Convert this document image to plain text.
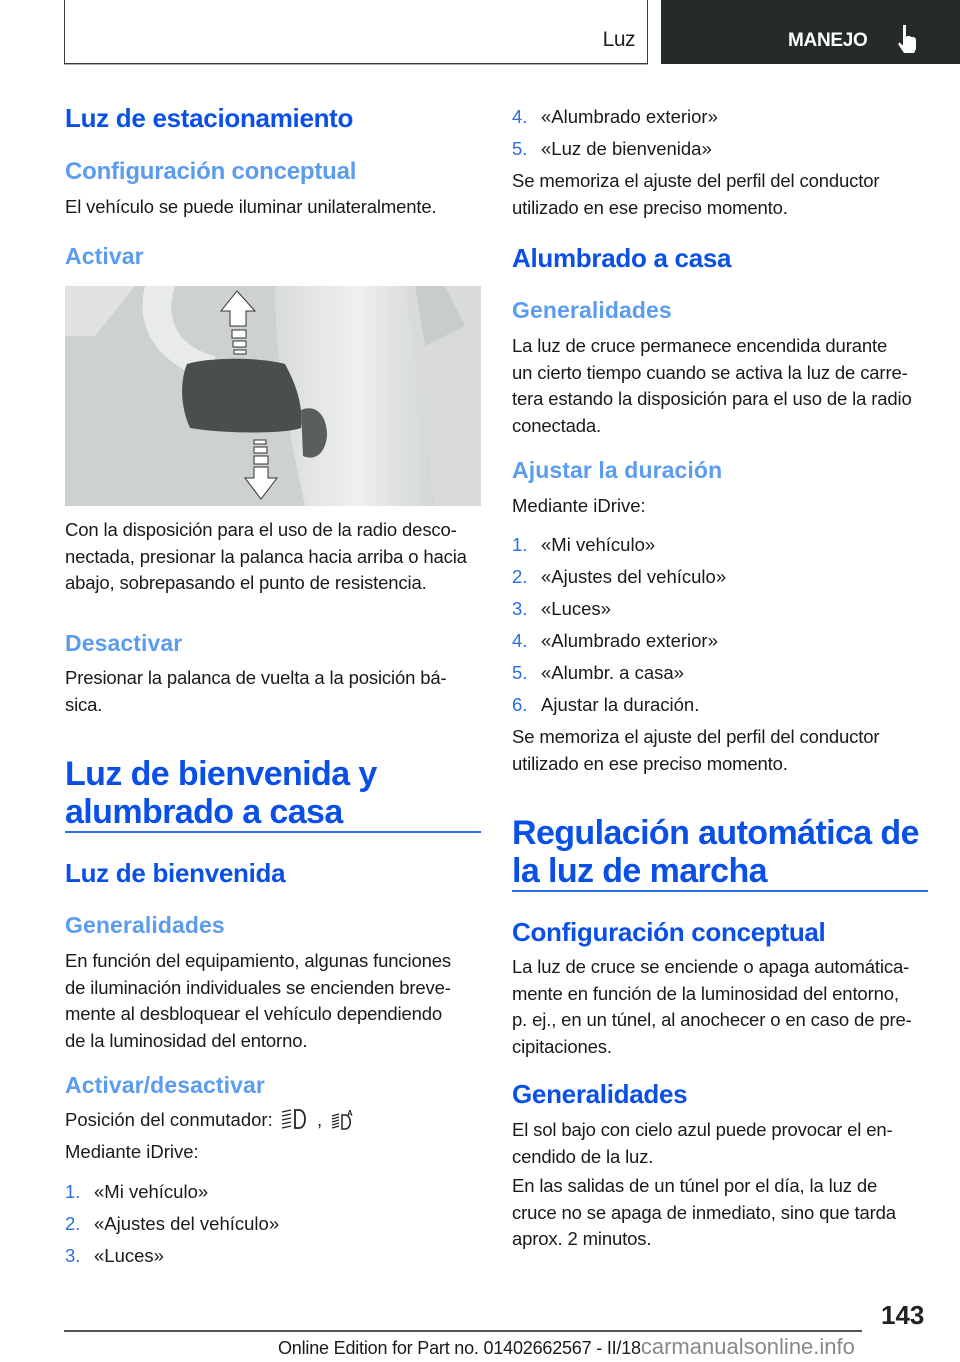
Luz	MANEJO
Luz de estacionamiento
Configuración conceptual
El vehículo se puede iluminar unilateralmente.
Activar
Con la disposición para el uso de la radio desco-
nectada, presionar la palanca hacia arriba o hacia
abajo, sobrepasando el punto de resistencia.
Desactivar
Presionar la palanca de vuelta a la posición bá-
sica.
Luz de bienvenida y
alumbrado a casa
Luz de bienvenida
Generalidades
En función del equipamiento, algunas funciones
de iluminación individuales se encienden breve-
mente al desbloquear el vehículo dependiendo
de la luminosidad del entorno.
Activar/desactivar
Posición del conmutador: ,	A
Mediante iDrive:
1. «Mi vehículo»
2. «Ajustes del vehículo»
3. «Luces»
4. «Alumbrado exterior»
5. «Luz de bienvenida»
Se memoriza el ajuste del perfil del conductor
utilizado en ese preciso momento.
Alumbrado a casa
Generalidades
La luz de cruce permanece encendida durante
un cierto tiempo cuando se activa la luz de carre-
tera estando la disposición para el uso de la radio
conectada.
Ajustar la duración
Mediante iDrive:
1. «Mi vehículo»
2. «Ajustes del vehículo»
3. «Luces»
4. «Alumbrado exterior»
5. «Alumbr. a casa»
6. Ajustar la duración.
Se memoriza el ajuste del perfil del conductor
utilizado en ese preciso momento.
Regulación automática de
la luz de marcha
Configuración conceptual
La luz de cruce se enciende o apaga automática-
mente en función de la luminosidad del entorno,
p. ej., en un túnel, al anochecer o en caso de pre-
cipitaciones.
Generalidades
El sol bajo con cielo azul puede provocar el en-
cendido de la luz.
En las salidas de un túnel por el día, la luz de
cruce no se apaga de inmediato, sino que tarda
aprox. 2 minutos.
143
Online Edition for Part no. 01402662567 - II/18carmanualsonline.info
